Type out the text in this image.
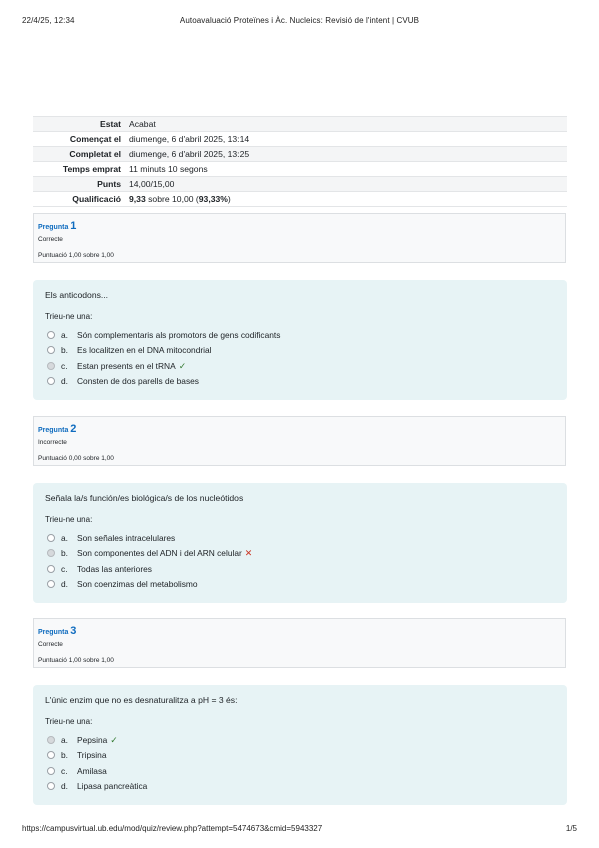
22/4/25, 12:34	Autoavaluació Proteïnes i Àc. Nucleics: Revisió de l'intent | CVUB
Estat	Acabat
Començat el	diumenge, 6 d'abril 2025, 13:14
Completat el	diumenge, 6 d'abril 2025, 13:25
Temps emprat	11 minuts 10 segons
Punts	14,00/15,00
Qualificació	9,33 sobre 10,00 (93,33%)
Pregunta 1
Correcte
Puntuació 1,00 sobre 1,00
Els anticodons...
Trieu-ne una:
a. Són complementaris als promotors de gens codificants
b. Es localitzen en el DNA mitocondrial
c. Estan presents en el tRNA ✓
d. Consten de dos parells de bases
Pregunta 2
Incorrecte
Puntuació 0,00 sobre 1,00
Señala la/s función/es biológica/s de los nucleótidos
Trieu-ne una:
a. Son señales intracelulares
b. Son componentes del ADN i del ARN celular ✕
c. Todas las anteriores
d. Son coenzimas del metabolismo
Pregunta 3
Correcte
Puntuació 1,00 sobre 1,00
L'únic enzim que no es desnaturalitza a pH = 3 és:
Trieu-ne una:
a. Pepsina ✓
b. Tripsina
c. Amilasa
d. Lipasa pancreàtica
https://campusvirtual.ub.edu/mod/quiz/review.php?attempt=5474673&cmid=5943327	1/5
